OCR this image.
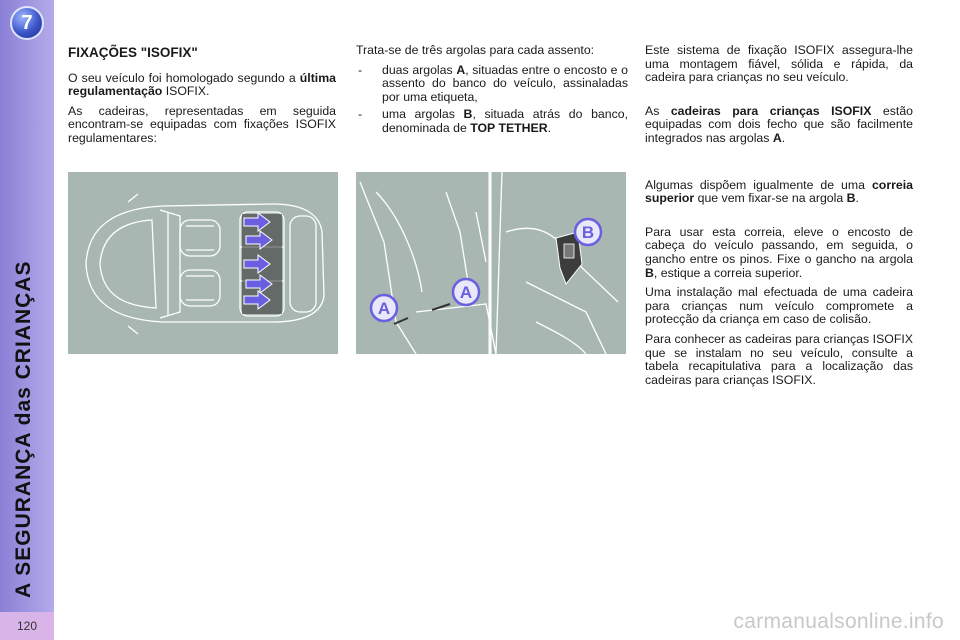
7
A SEGURANÇA das CRIANÇAS
120

FIXAÇÕES "ISOFIX"

O seu veículo foi homologado segundo a última regulamentação ISOFIX.

As cadeiras, representadas em seguida encontram-se equipadas com fixações ISOFIX regulamentares:

Trata-se de três argolas para cada assento:

- duas argolas A, situadas entre o encosto e o assento do banco do veículo, assinaladas por uma etiqueta,
- uma argolas B, situada atrás do banco, denominada de TOP TETHER.

Este sistema de fixação ISOFIX assegura-lhe uma montagem fiável, sólida e rápida, da cadeira para crianças no seu veículo.

As cadeiras para crianças ISOFIX estão equipadas com dois fecho que são facilmente integrados nas argolas A.

Algumas dispõem igualmente de uma correia superior que vem fixar-se na argola B.

Para usar esta correia, eleve o encosto de cabeça do veículo passando, em seguida, o gancho entre os pinos. Fixe o gancho na argola B, estique a correia superior.

Uma instalação mal efectuada de uma cadeira para crianças num veículo compromete a protecção da criança em caso de colisão.

Para conhecer as cadeiras para crianças ISOFIX que se instalam no seu veículo, consulte a tabela recapitulativa para a localização das cadeiras para crianças ISOFIX.

A
A
B
carmanualsonline.info
